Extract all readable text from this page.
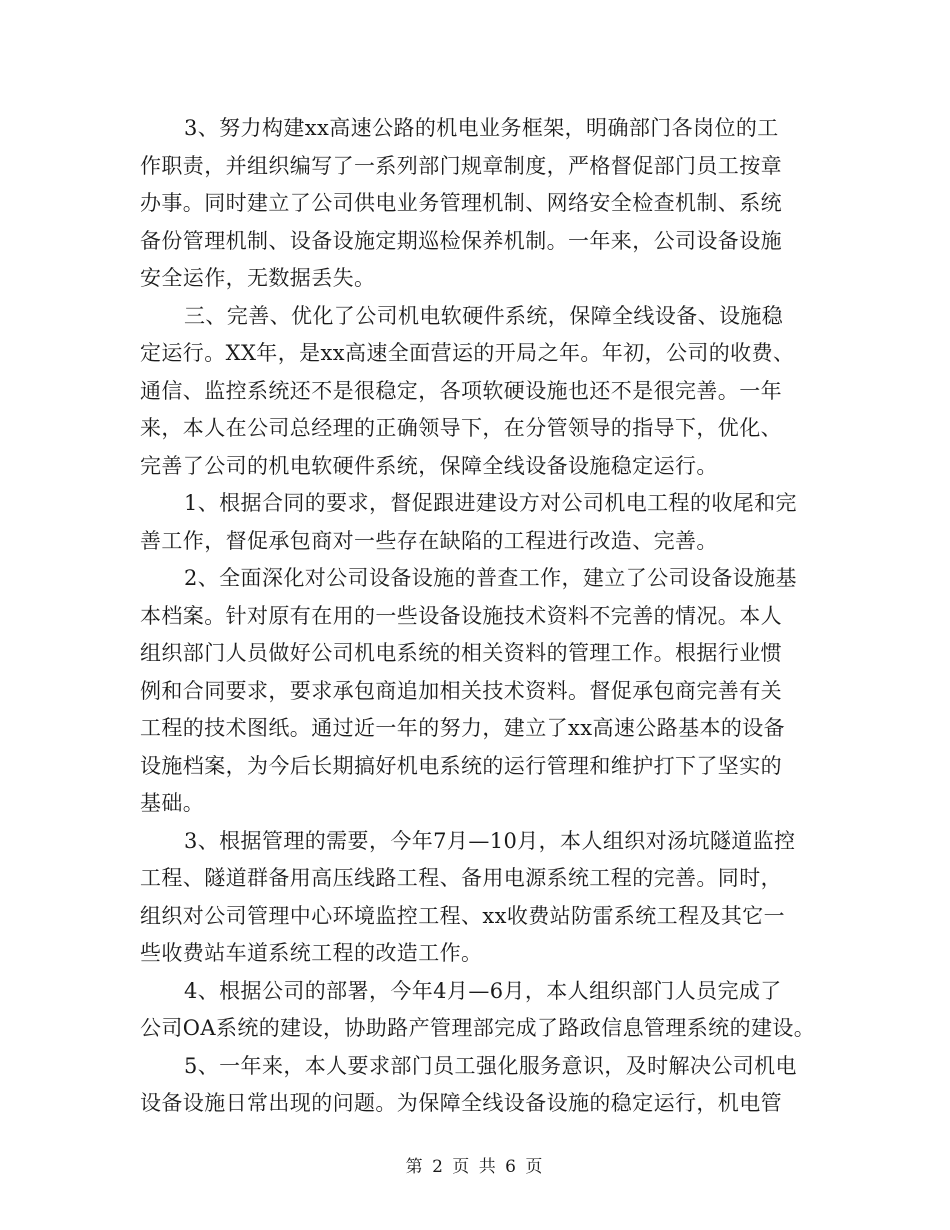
3、努力构建xx高速公路的机电业务框架，明确部门各岗位的工
作职责，并组织编写了一系列部门规章制度，严格督促部门员工按章
办事。同时建立了公司供电业务管理机制、网络安全检查机制、系统
备份管理机制、设备设施定期巡检保养机制。一年来，公司设备设施
安全运作，无数据丢失。
三、完善、优化了公司机电软硬件系统，保障全线设备、设施稳
定运行。XX年，是xx高速全面营运的开局之年。年初，公司的收费、
通信、监控系统还不是很稳定，各项软硬设施也还不是很完善。一年
来，本人在公司总经理的正确领导下，在分管领导的指导下，优化、
完善了公司的机电软硬件系统，保障全线设备设施稳定运行。
1、根据合同的要求，督促跟进建设方对公司机电工程的收尾和完
善工作，督促承包商对一些存在缺陷的工程进行改造、完善。
2、全面深化对公司设备设施的普查工作，建立了公司设备设施基
本档案。针对原有在用的一些设备设施技术资料不完善的情况。本人
组织部门人员做好公司机电系统的相关资料的管理工作。根据行业惯
例和合同要求，要求承包商追加相关技术资料。督促承包商完善有关
工程的技术图纸。通过近一年的努力，建立了xx高速公路基本的设备
设施档案，为今后长期搞好机电系统的运行管理和维护打下了坚实的
基础。
3、根据管理的需要，今年7月—10月，本人组织对汤坑隧道监控
工程、隧道群备用高压线路工程、备用电源系统工程的完善。同时，
组织对公司管理中心环境监控工程、xx收费站防雷系统工程及其它一
些收费站车道系统工程的改造工作。
4、根据公司的部署，今年4月—6月，本人组织部门人员完成了
公司OA系统的建设，协助路产管理部完成了路政信息管理系统的建设。
5、一年来，本人要求部门员工强化服务意识，及时解决公司机电
设备设施日常出现的问题。为保障全线设备设施的稳定运行，机电管
第 2 页 共 6 页
